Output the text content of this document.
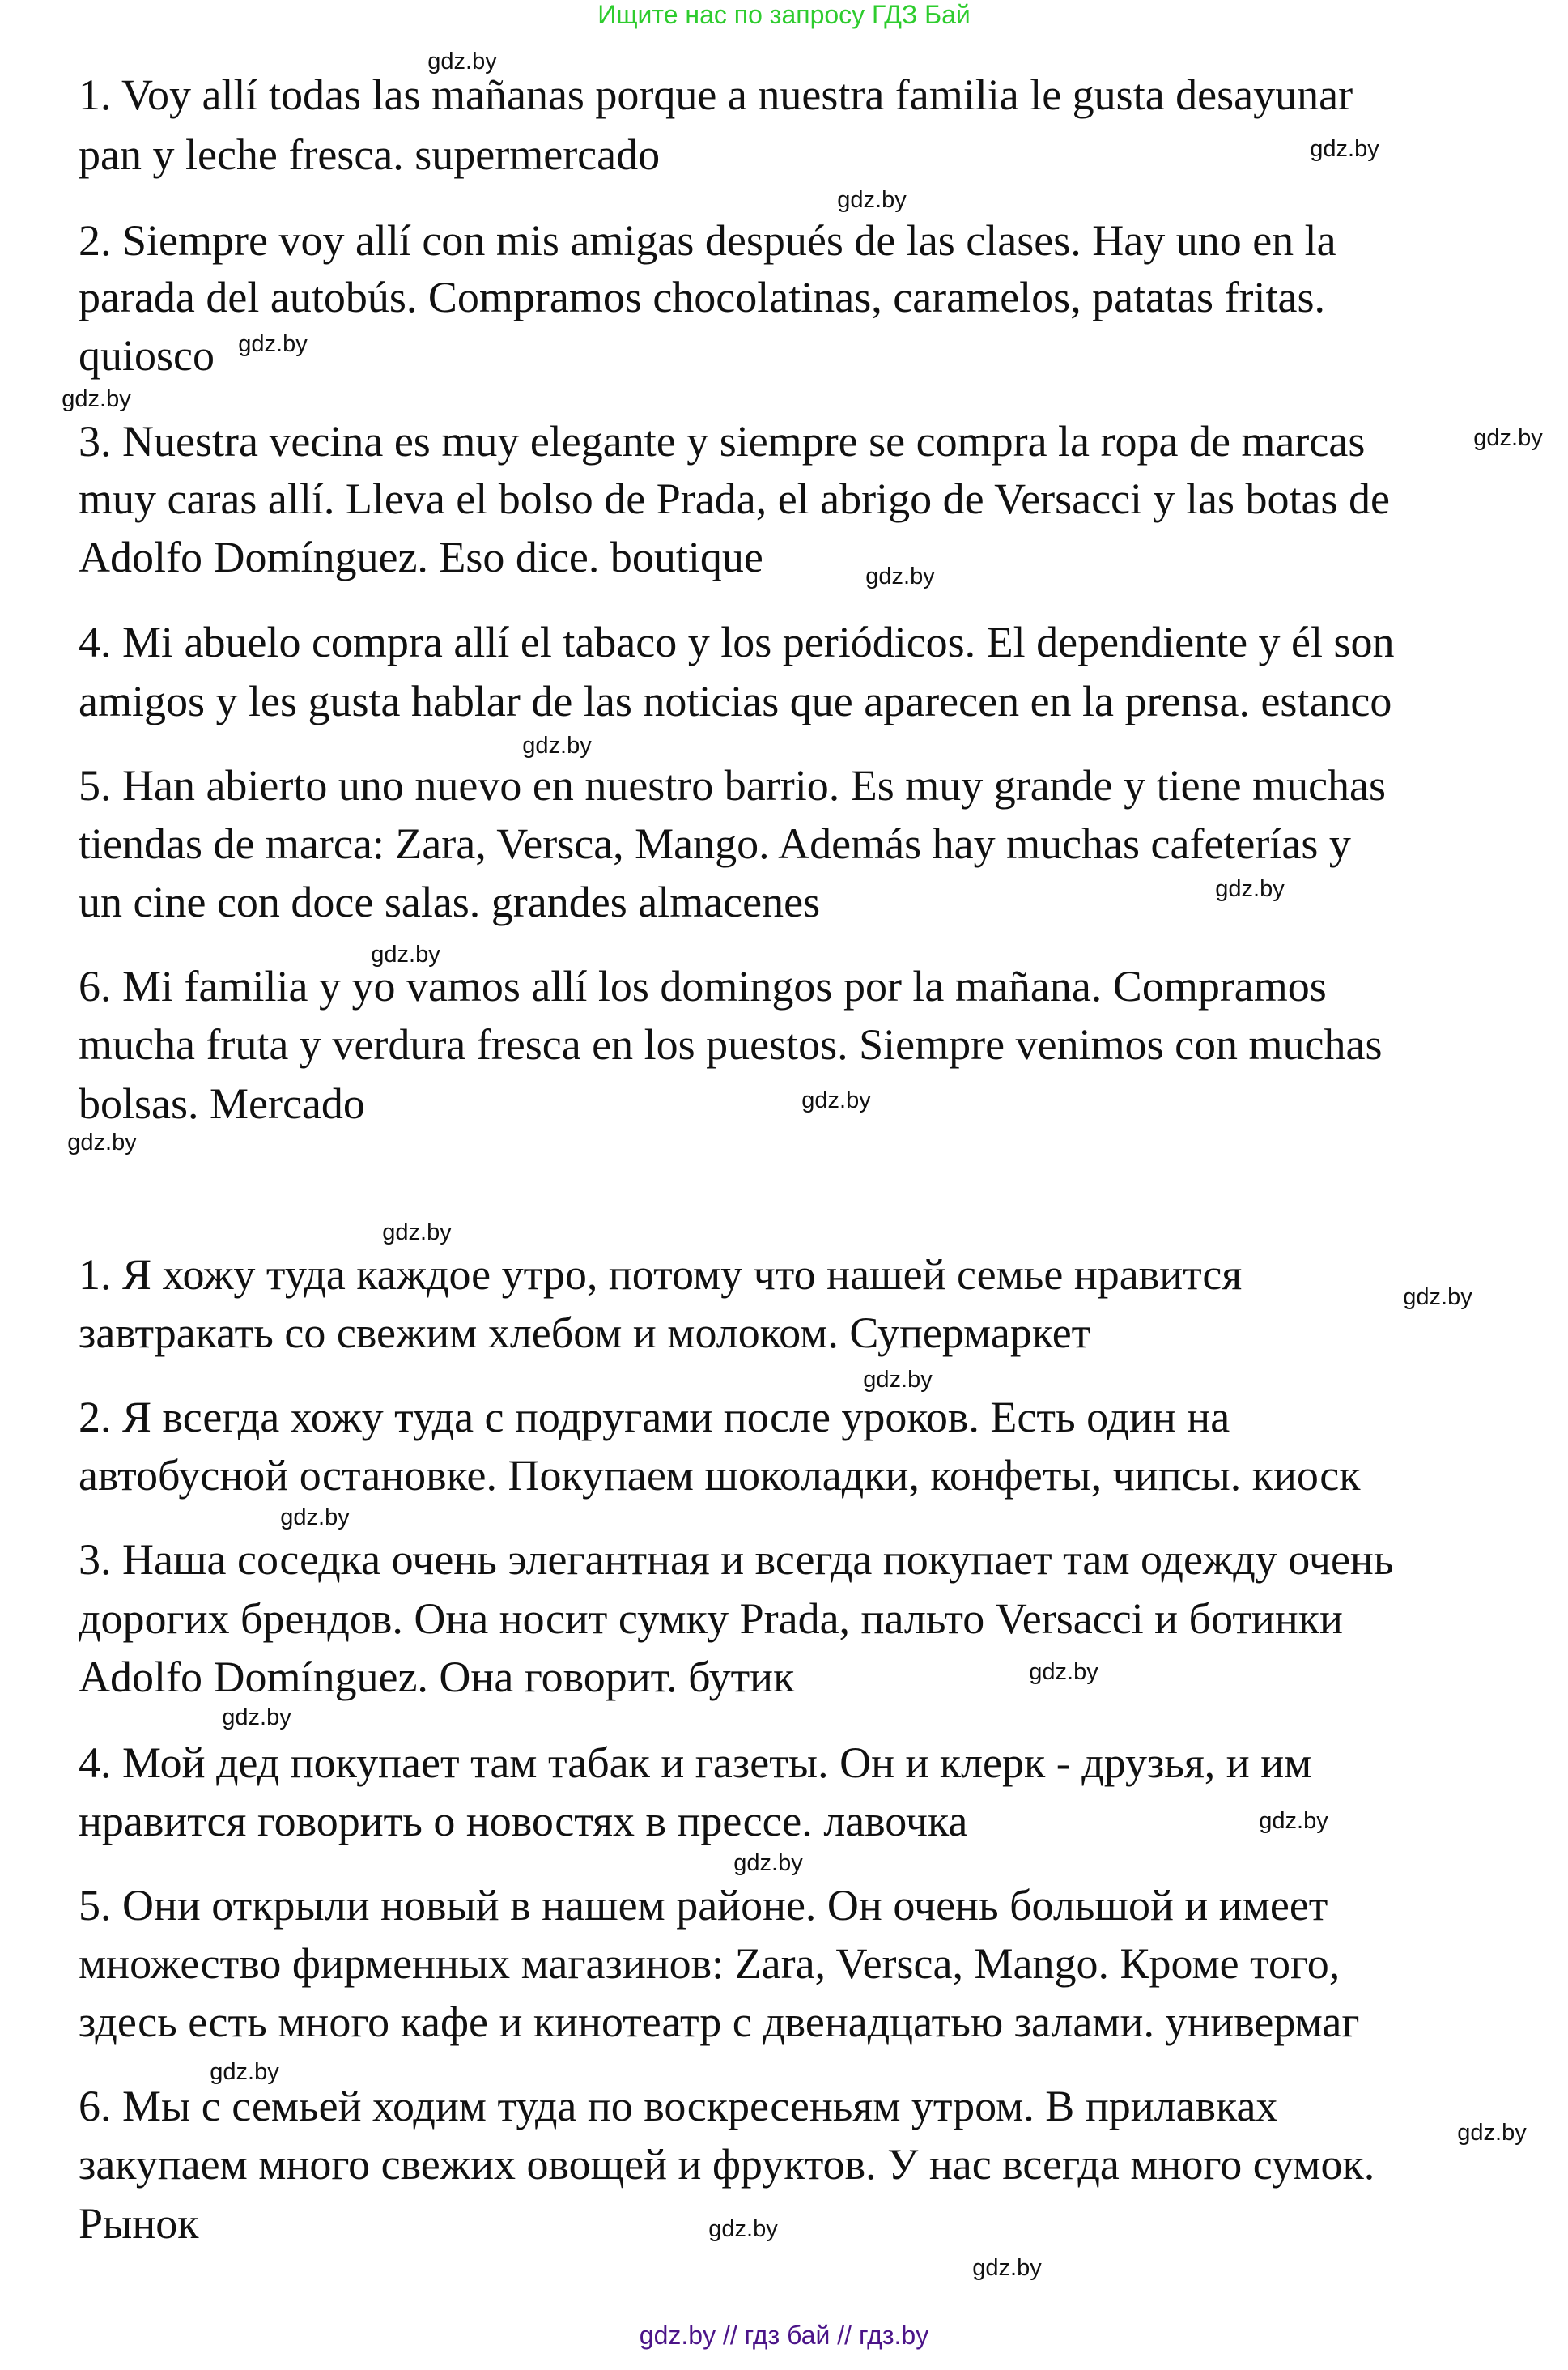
Ищите нас по запросу ГДЗ Бай
1. Voy allí todas las mañanas porque a nuestra familia le gusta desayunar
pan y leche fresca. supermercado
2. Siempre voy allí con mis amigas después de las clases. Hay uno en la
parada del autobús. Compramos chocolatinas, caramelos, patatas fritas.
quiosco
3. Nuestra vecina es muy elegante y siempre se compra la ropa de marcas
muy caras allí. Lleva el bolso de Prada, el abrigo de Versacci y las botas de
Adolfo Domínguez. Eso dice. boutique
4. Mi abuelo compra allí el tabaco y los periódicos. El dependiente y él son
amigos y les gusta hablar de las noticias que aparecen en la prensa. estanco
5. Han abierto uno nuevo en nuestro barrio. Es muy grande y tiene muchas
tiendas de marca: Zara, Versca, Mango. Además hay muchas cafeterías y
un cine con doce salas. grandes almacenes
6. Mi familia y yo vamos allí los domingos por la mañana. Compramos
mucha fruta y verdura fresca en los puestos. Siempre venimos con muchas
bolsas. Mercado
1. Я хожу туда каждое утро, потому что нашей семье нравится
завтракать со свежим хлебом и молоком. Супермаркет
2. Я всегда хожу туда с подругами после уроков. Есть один на
автобусной остановке. Покупаем шоколадки, конфеты, чипсы. киоск
3. Наша соседка очень элегантная и всегда покупает там одежду очень
дорогих брендов. Она носит сумку Prada, пальто Versacci и ботинки
Adolfo Domínguez. Она говорит. бутик
4. Мой дед покупает там табак и газеты. Он и клерк - друзья, и им
нравится говорить о новостях в прессе. лавочка
5. Они открыли новый в нашем районе. Он очень большой и имеет
множество фирменных магазинов: Zara, Versca, Mango. Кроме того,
здесь есть много кафе и кинотеатр с двенадцатью залами. универмаг
6. Мы с семьей ходим туда по воскресеньям утром. В прилавках
закупаем много свежих овощей и фруктов. У нас всегда много сумок.
Рынок
gdz.by
gdz.by
gdz.by
gdz.by
gdz.by
gdz.by
gdz.by
gdz.by
gdz.by
gdz.by
gdz.by
gdz.by
gdz.by
gdz.by
gdz.by
gdz.by
gdz.by
gdz.by
gdz.by
gdz.by
gdz.by
gdz.by
gdz.by
gdz.by
gdz.by // гдз бай // гдз.by
